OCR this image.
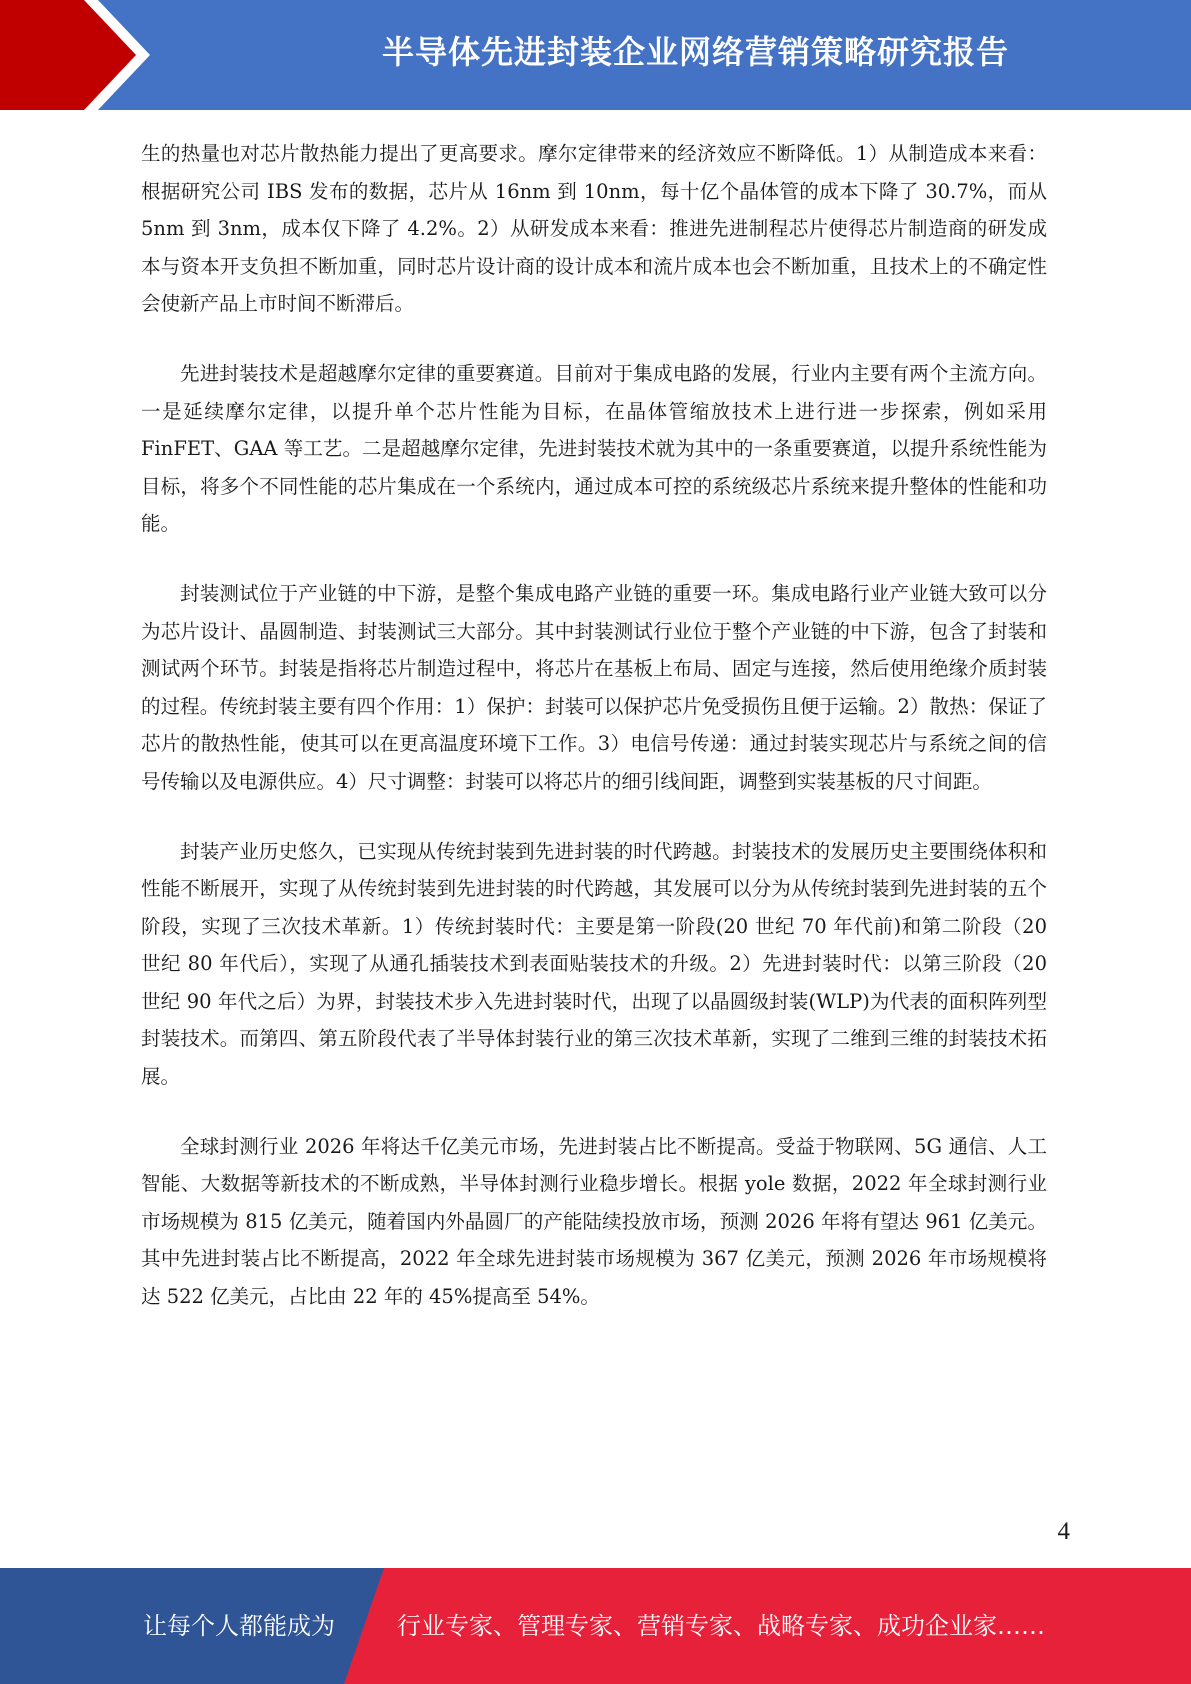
半导体先进封装企业网络营销策略研究报告

生的热量也对芯片散热能力提出了更高要求。摩尔定律带来的经济效应不断降低。1）从制造成本来看：根据研究公司 IBS 发布的数据，芯片从 16nm 到 10nm，每十亿个晶体管的成本下降了 30.7%，而从 5nm 到 3nm，成本仅下降了 4.2%。2）从研发成本来看：推进先进制程芯片使得芯片制造商的研发成本与资本开支负担不断加重，同时芯片设计商的设计成本和流片成本也会不断加重，且技术上的不确定性会使新产品上市时间不断滞后。

先进封装技术是超越摩尔定律的重要赛道。目前对于集成电路的发展，行业内主要有两个主流方向。一是延续摩尔定律，以提升单个芯片性能为目标，在晶体管缩放技术上进行进一步探索，例如采用 FinFET、GAA 等工艺。二是超越摩尔定律，先进封装技术就为其中的一条重要赛道，以提升系统性能为目标，将多个不同性能的芯片集成在一个系统内，通过成本可控的系统级芯片系统来提升整体的性能和功能。

封装测试位于产业链的中下游，是整个集成电路产业链的重要一环。集成电路行业产业链大致可以分为芯片设计、晶圆制造、封装测试三大部分。其中封装测试行业位于整个产业链的中下游，包含了封装和测试两个环节。封装是指将芯片制造过程中，将芯片在基板上布局、固定与连接，然后使用绝缘介质封装的过程。传统封装主要有四个作用：1）保护：封装可以保护芯片免受损伤且便于运输。2）散热：保证了芯片的散热性能，使其可以在更高温度环境下工作。3）电信号传递：通过封装实现芯片与系统之间的信号传输以及电源供应。4）尺寸调整：封装可以将芯片的细引线间距，调整到实装基板的尺寸间距。

封装产业历史悠久，已实现从传统封装到先进封装的时代跨越。封装技术的发展历史主要围绕体积和性能不断展开，实现了从传统封装到先进封装的时代跨越，其发展可以分为从传统封装到先进封装的五个阶段，实现了三次技术革新。1）传统封装时代：主要是第一阶段(20 世纪 70 年代前)和第二阶段（20 世纪 80 年代后），实现了从通孔插装技术到表面贴装技术的升级。2）先进封装时代：以第三阶段（20 世纪 90 年代之后）为界，封装技术步入先进封装时代，出现了以晶圆级封装(WLP)为代表的面积阵列型封装技术。而第四、第五阶段代表了半导体封装行业的第三次技术革新，实现了二维到三维的封装技术拓展。

全球封测行业 2026 年将达千亿美元市场，先进封装占比不断提高。受益于物联网、5G 通信、人工智能、大数据等新技术的不断成熟，半导体封测行业稳步增长。根据 yole 数据，2022 年全球封测行业市场规模为 815 亿美元，随着国内外晶圆厂的产能陆续投放市场，预测 2026 年将有望达 961 亿美元。其中先进封装占比不断提高，2022 年全球先进封装市场规模为 367 亿美元，预测 2026 年市场规模将达 522 亿美元，占比由 22 年的 45%提高至 54%。

4
让每个人都能成为	行业专家、管理专家、营销专家、战略专家、成功企业家……
